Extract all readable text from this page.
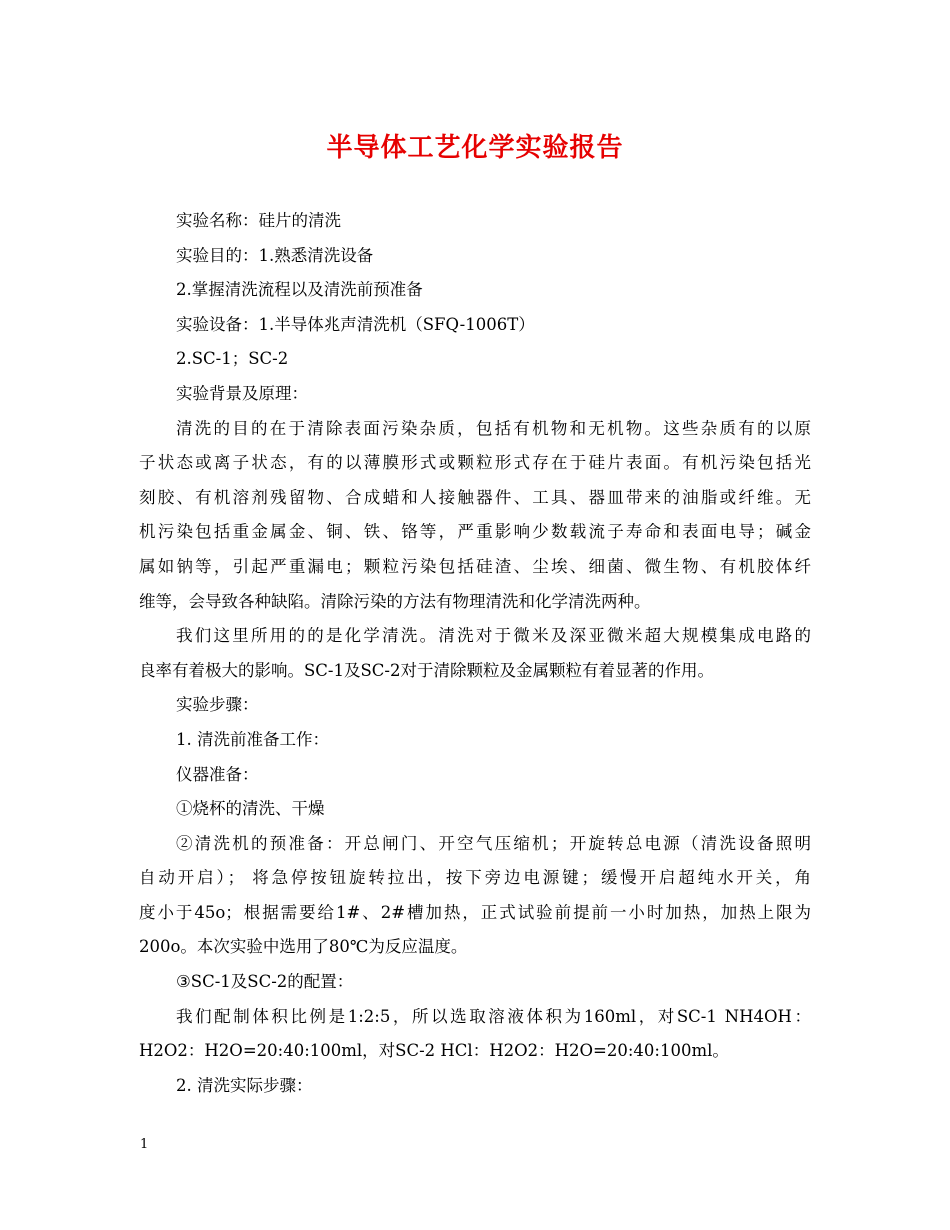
半导体工艺化学实验报告
实验名称：硅片的清洗
实验目的：1.熟悉清洗设备
2.掌握清洗流程以及清洗前预准备
实验设备：1.半导体兆声清洗机（SFQ-1006T）
2.SC-1；SC-2
实验背景及原理：
清洗的目的在于清除表面污染杂质，包括有机物和无机物。这些杂质有的以原
子状态或离子状态，有的以薄膜形式或颗粒形式存在于硅片表面。有机污染包括光
刻胶、有机溶剂残留物、合成蜡和人接触器件、工具、器皿带来的油脂或纤维。无
机污染包括重金属金、铜、铁、铬等，严重影响少数载流子寿命和表面电导；碱金
属如钠等，引起严重漏电；颗粒污染包括硅渣、尘埃、细菌、微生物、有机胶体纤
维等，会导致各种缺陷。清除污染的方法有物理清洗和化学清洗两种。
我们这里所用的的是化学清洗。清洗对于微米及深亚微米超大规模集成电路的
良率有着极大的影响。SC-1及SC-2对于清除颗粒及金属颗粒有着显著的作用。
实验步骤：
1. 清洗前准备工作：
仪器准备：
①烧杯的清洗、干燥
②清洗机的预准备：开总闸门、开空气压缩机；开旋转总电源（清洗设备照明
自动开启）； 将急停按钮旋转拉出，按下旁边电源键；缓慢开启超纯水开关，角
度小于45o；根据需要给1#、2#槽加热，正式试验前提前一小时加热，加热上限为
200o。本次实验中选用了80℃为反应温度。
③SC-1及SC-2的配置：
我们配制体积比例是1:2:5，所以选取溶液体积为160ml，对SC-1 NH4OH：
H2O2：H2O=20:40:100ml，对SC-2 HCl：H2O2：H2O=20:40:100ml。
2. 清洗实际步骤：
1
